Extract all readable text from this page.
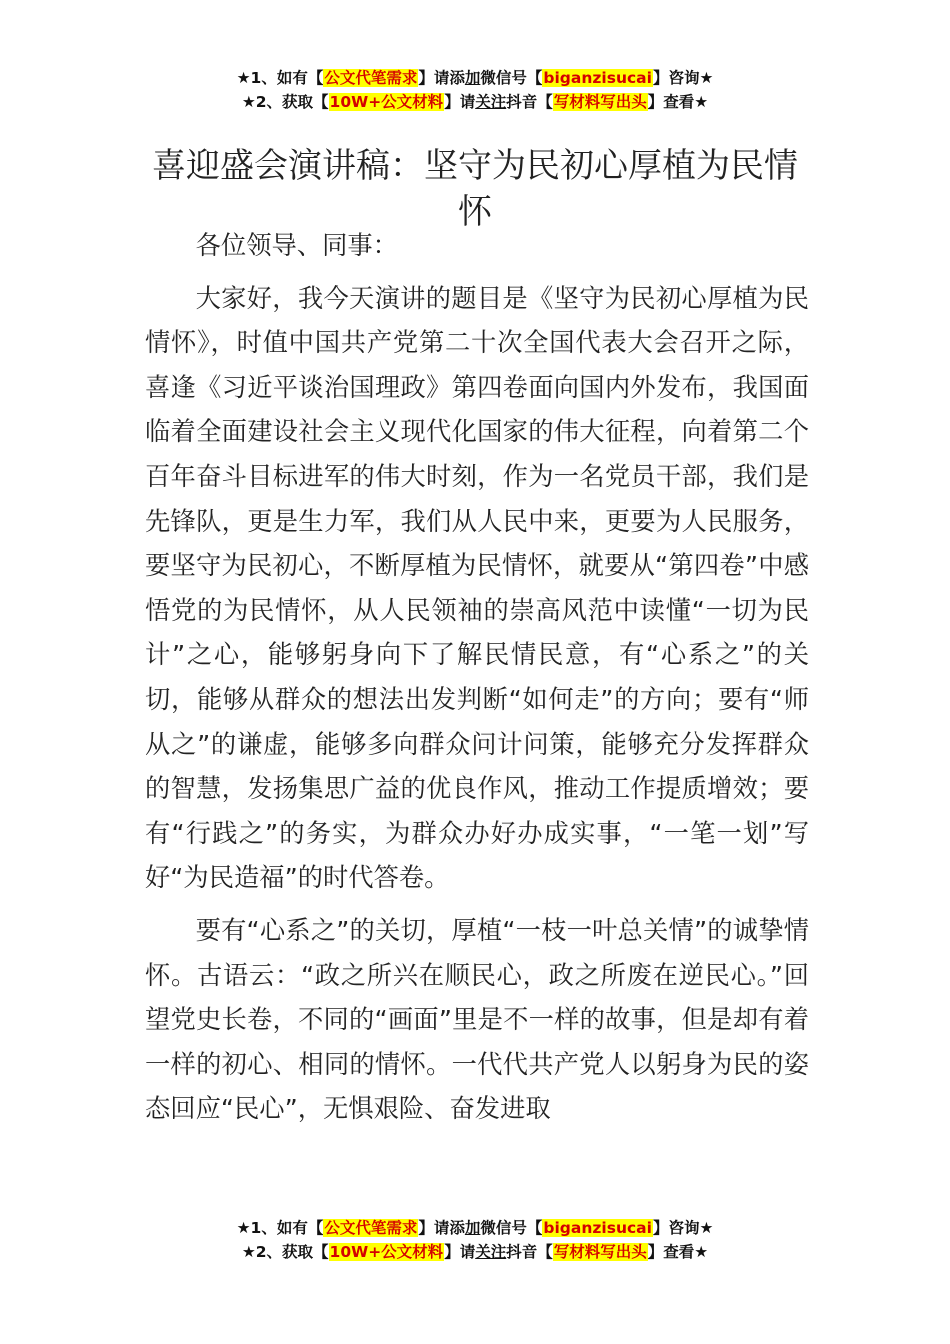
★1、如有【公文代笔需求】请添加微信号【biganzisucai】咨询★
★2、获取【10W+公文材料】请关注抖音【写材料写出头】查看★
喜迎盛会演讲稿：坚守为民初心厚植为民情怀

各位领导、同事：

大家好，我今天演讲的题目是《坚守为民初心厚植为民情怀》，时值中国共产党第二十次全国代表大会召开之际，喜逢《习近平谈治国理政》第四卷面向国内外发布，我国面临着全面建设社会主义现代化国家的伟大征程，向着第二个百年奋斗目标进军的伟大时刻，作为一名党员干部，我们是先锋队，更是生力军，我们从人民中来，更要为人民服务，要坚守为民初心，不断厚植为民情怀，就要从“第四卷”中感悟党的为民情怀，从人民领袖的崇高风范中读懂“一切为民计”之心，能够躬身向下了解民情民意，有“心系之”的关切，能够从群众的想法出发判断“如何走”的方向；要有“师从之”的谦虚，能够多向群众问计问策，能够充分发挥群众的智慧，发扬集思广益的优良作风，推动工作提质增效；要有“行践之”的务实，为群众办好办成实事，“一笔一划”写好“为民造福”的时代答卷。

要有“心系之”的关切，厚植“一枝一叶总关情”的诚挚情怀。古语云：“政之所兴在顺民心，政之所废在逆民心。”回望党史长卷，不同的“画面”里是不一样的故事，但是却有着一样的初心、相同的情怀。一代代共产党人以躬身为民的姿态回应“民心”，无惧艰险、奋发进取

★1、如有【公文代笔需求】请添加微信号【biganzisucai】咨询★
★2、获取【10W+公文材料】请关注抖音【写材料写出头】查看★
